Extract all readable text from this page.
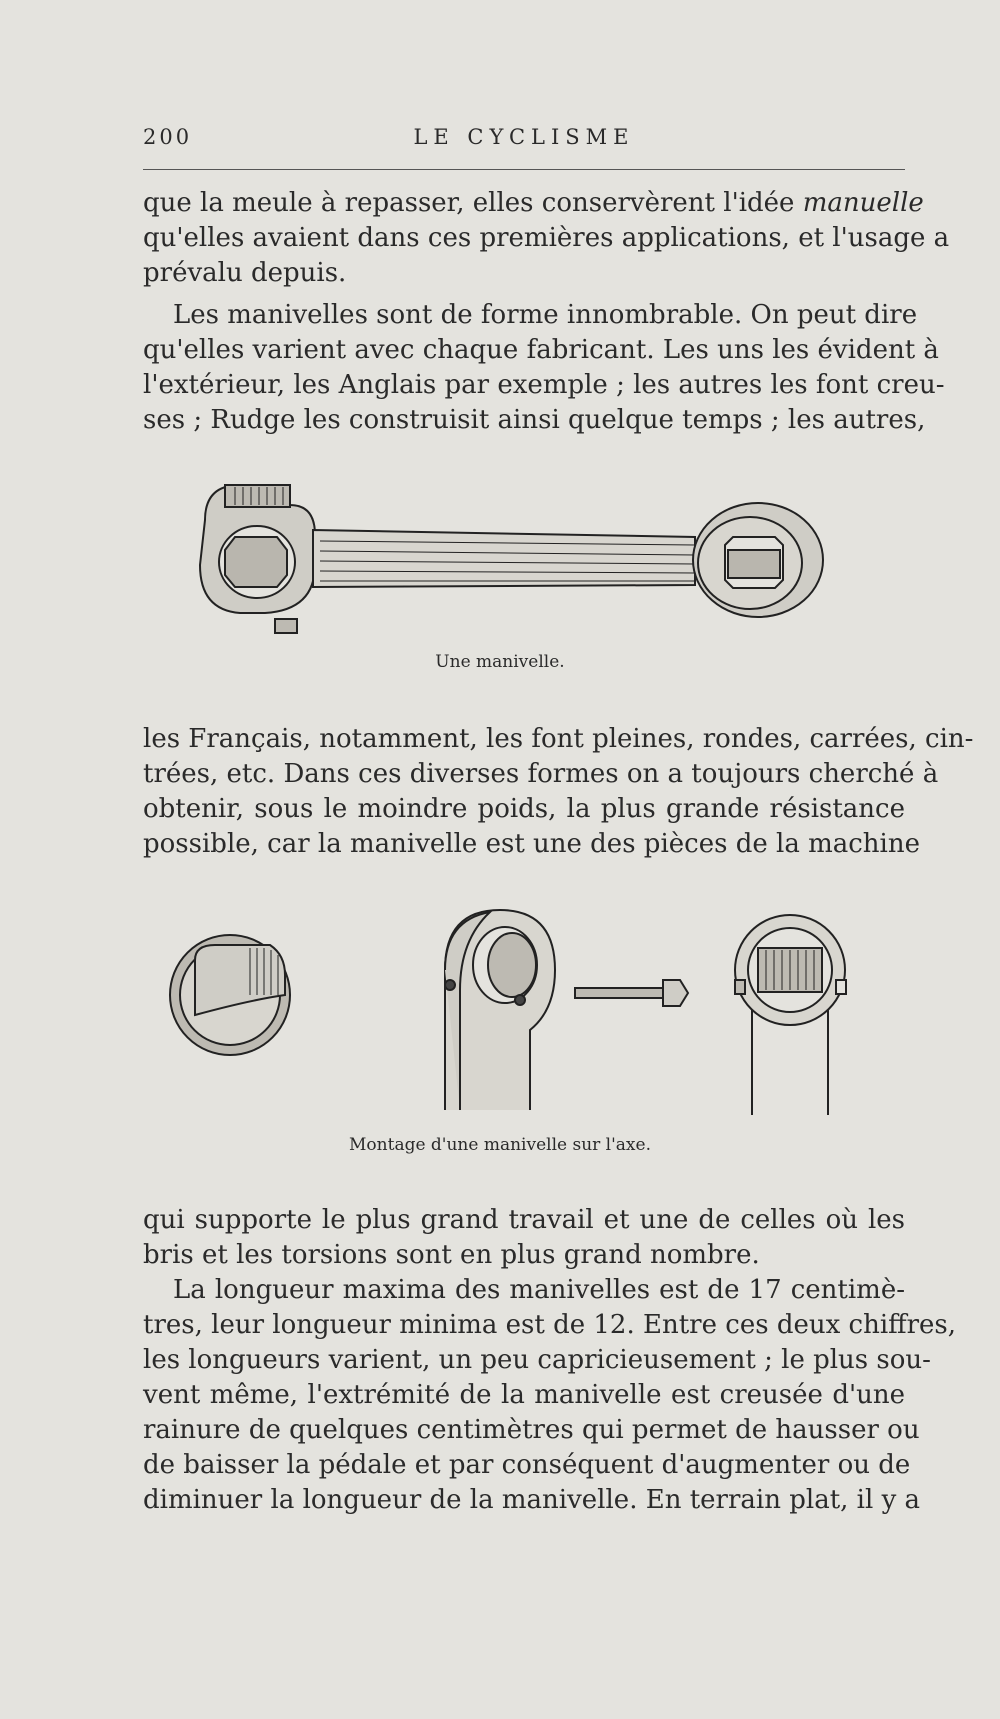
200	LE CYCLISME

que la meule à repasser, elles conservèrent l'idée manuelle
qu'elles avaient dans ces premières applications, et l'usage a
prévalu depuis.

Les manivelles sont de forme innombrable. On peut dire
qu'elles varient avec chaque fabricant. Les uns les évident à
l'extérieur, les Anglais par exemple ; les autres les font creu-
ses ; Rudge les construisit ainsi quelque temps ; les autres,

Une manivelle.

les Français, notamment, les font pleines, rondes, carrées, cin-
trées, etc. Dans ces diverses formes on a toujours cherché à
obtenir, sous le moindre poids, la plus grande résistance
possible, car la manivelle est une des pièces de la machine

Montage d'une manivelle sur l'axe.

qui supporte le plus grand travail et une de celles où les
bris et les torsions sont en plus grand nombre.

La longueur maxima des manivelles est de 17 centimè-
tres, leur longueur minima est de 12. Entre ces deux chiffres,
les longueurs varient, un peu capricieusement ; le plus sou-
vent même, l'extrémité de la manivelle est creusée d'une
rainure de quelques centimètres qui permet de hausser ou
de baisser la pédale et par conséquent d'augmenter ou de
diminuer la longueur de la manivelle. En terrain plat, il y a
